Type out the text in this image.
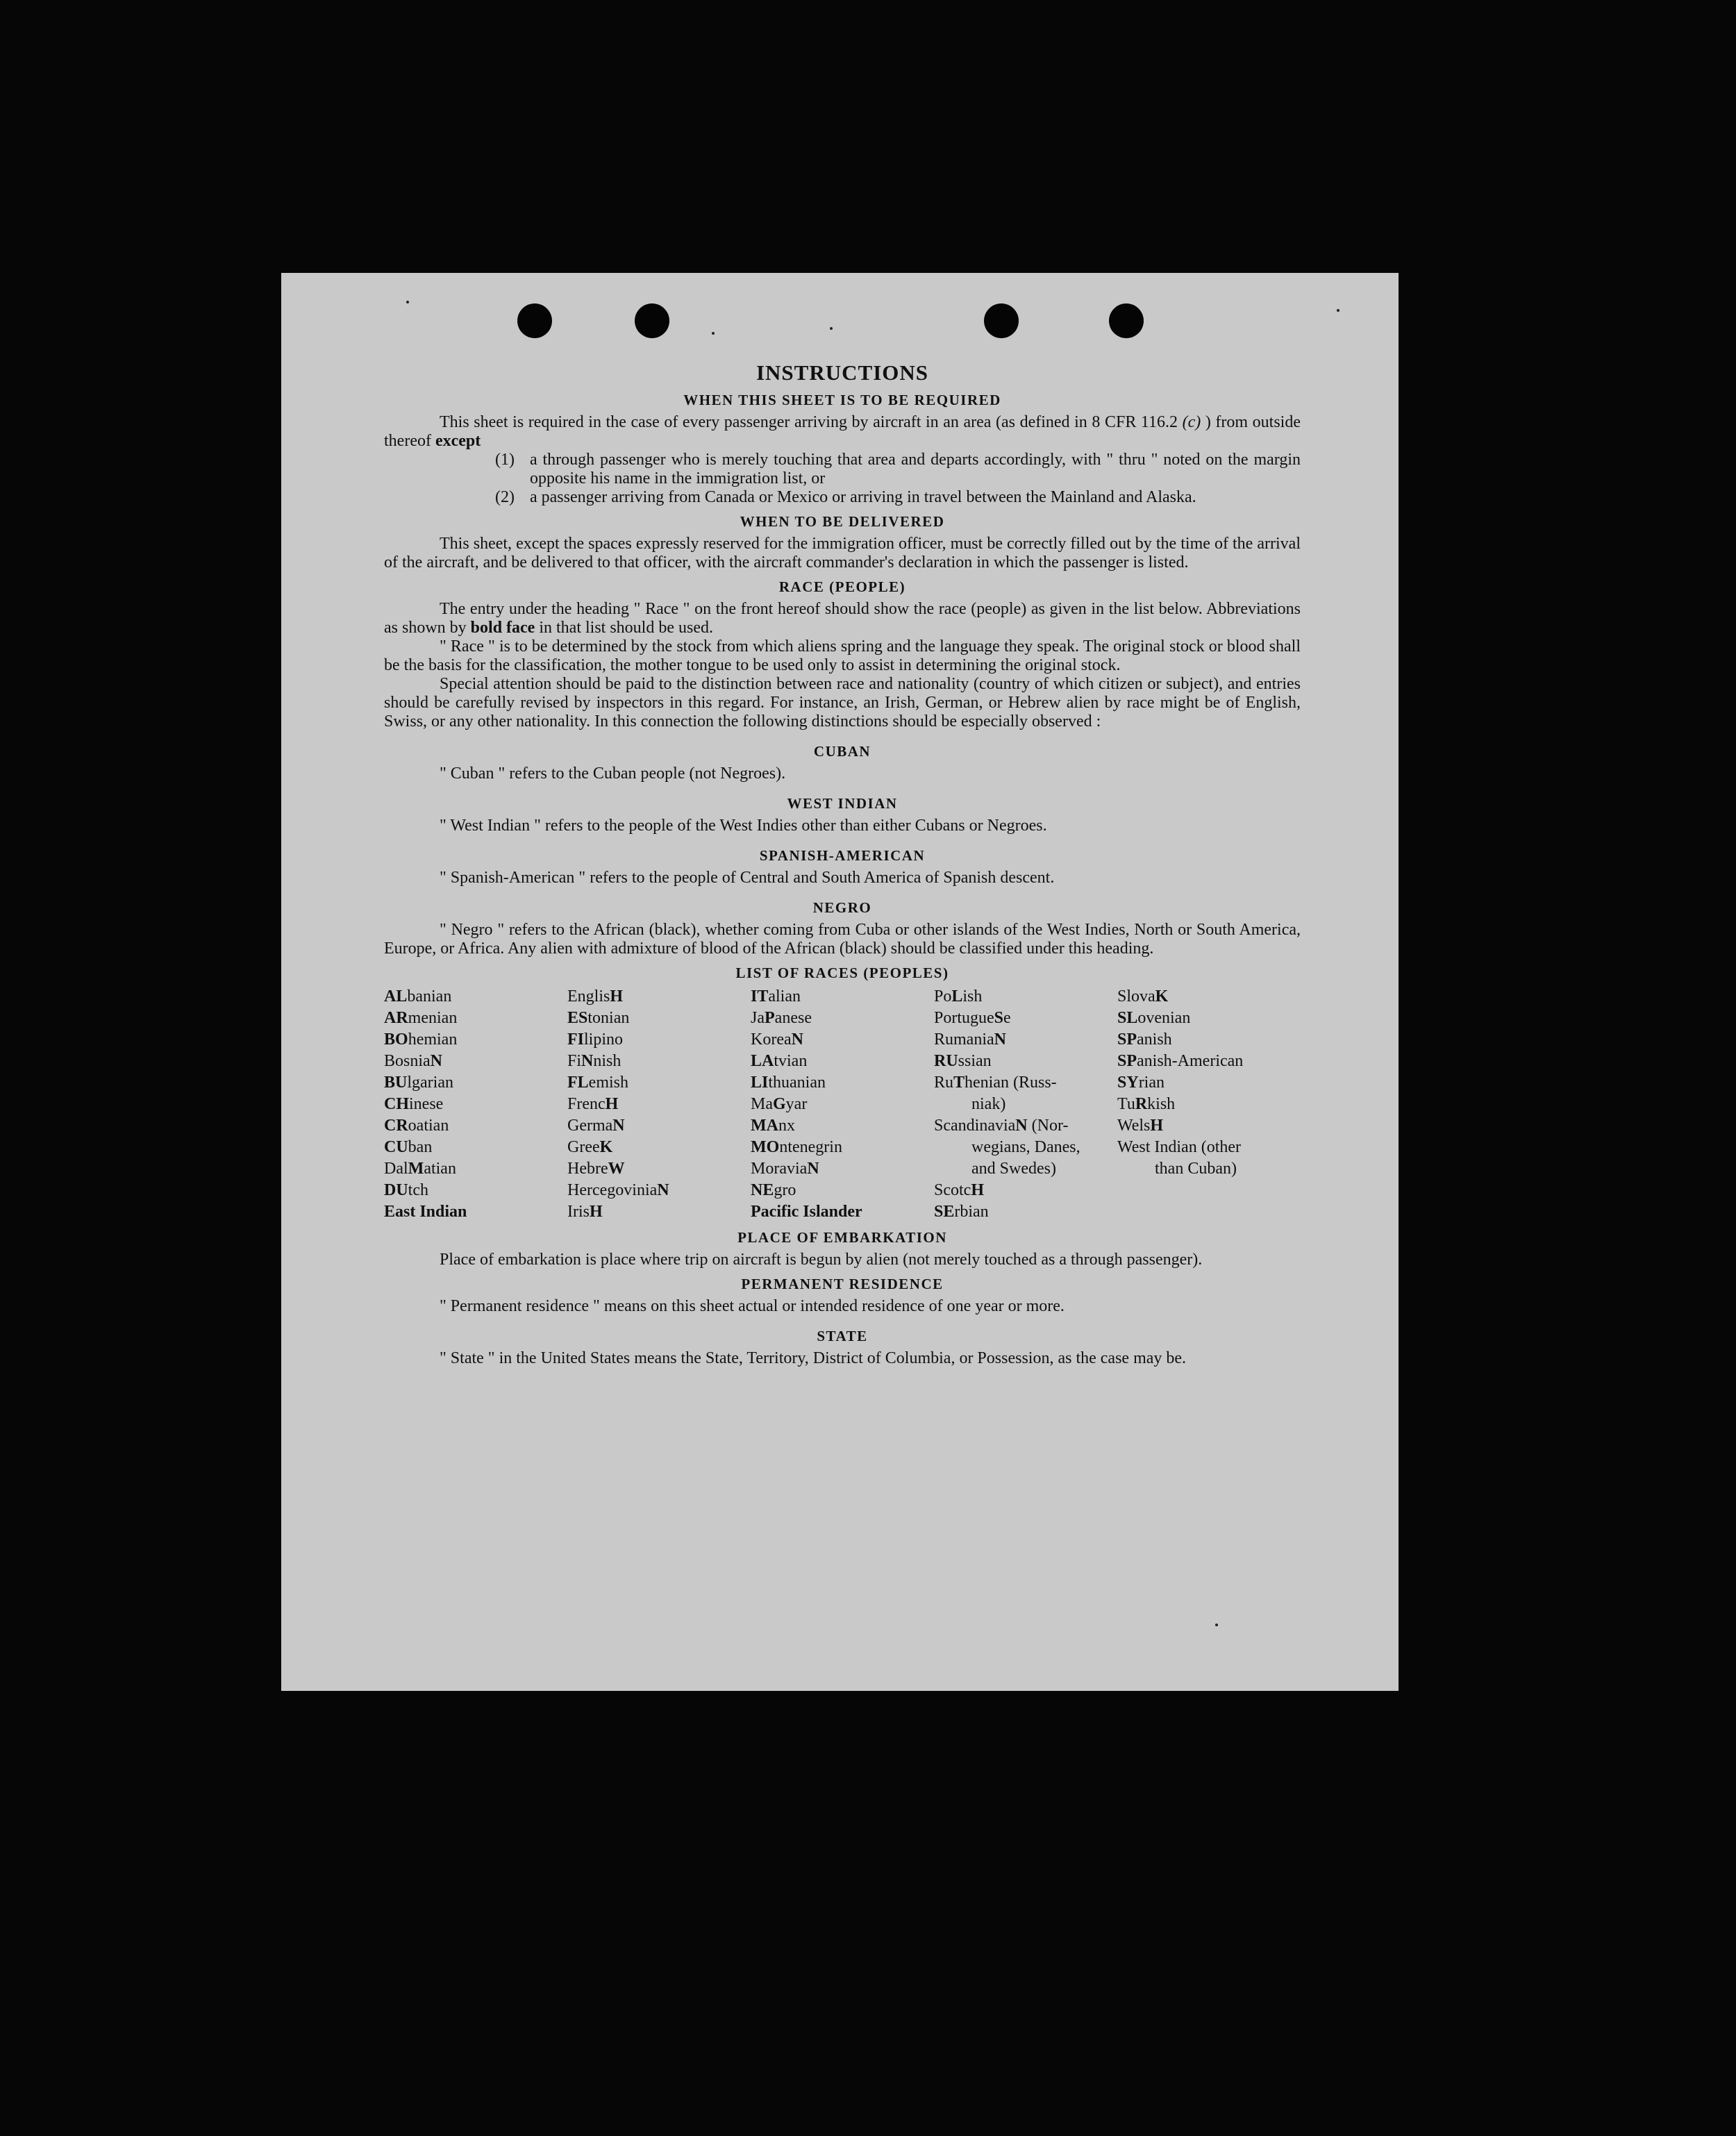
INSTRUCTIONS
WHEN THIS SHEET IS TO BE REQUIRED

This sheet is required in the case of every passenger arriving by aircraft in an area (as defined in 8 CFR 116.2 (c) ) from outside thereof except

(1) a through passenger who is merely touching that area and departs accordingly, with " thru " noted on the margin opposite his name in the immigration list, or
(2) a passenger arriving from Canada or Mexico or arriving in travel between the Mainland and Alaska.
WHEN TO BE DELIVERED

This sheet, except the spaces expressly reserved for the immigration officer, must be correctly filled out by the time of the arrival of the aircraft, and be delivered to that officer, with the aircraft commander's declaration in which the passenger is listed.

RACE (PEOPLE)

The entry under the heading " Race " on the front hereof should show the race (people) as given in the list below. Abbreviations as shown by bold face in that list should be used.

" Race " is to be determined by the stock from which aliens spring and the language they speak. The original stock or blood shall be the basis for the classification, the mother tongue to be used only to assist in determining the original stock.

Special attention should be paid to the distinction between race and nationality (country of which citizen or subject), and entries should be carefully revised by inspectors in this regard. For instance, an Irish, German, or Hebrew alien by race might be of English, Swiss, or any other nationality. In this connection the following distinctions should be especially observed :

CUBAN

" Cuban " refers to the Cuban people (not Negroes).

WEST INDIAN

" West Indian " refers to the people of the West Indies other than either Cubans or Negroes.

SPANISH-AMERICAN

" Spanish-American " refers to the people of Central and South America of Spanish descent.

NEGRO

" Negro " refers to the African (black), whether coming from Cuba or other islands of the West Indies, North or South America, Europe, or Africa. Any alien with admixture of blood of the African (black) should be classified under this heading.

LIST OF RACES (PEOPLES)
ALbanian
ARmenian
BOhemian
BosniaN
BUlgarian
CHinese
CRoatian
CUban
DalMatian
DUtch
East Indian
EnglisH
EStonian
FIlipino
FiNnish
FLemish
FrencH
GermaN
GreeK
HebreW
HercegoviniaN
IrisH
ITalian
JaPanese
KoreaN
LAtvian
LIthuanian
MaGyar
MAnx
MOntenegrin
MoraviaN
NEgro
Pacific Islander
PoLish
PortugueSe
RumaniaN
RUssian
RuThenian (Russ-
niak)
ScandinaviaN (Nor-
wegians, Danes,
and Swedes)
ScotcH
SErbian
SlovaK
SLovenian
SPanish
SPanish-American
SYrian
TuRkish
WelsH
West Indian (other
than Cuban)
PLACE OF EMBARKATION

Place of embarkation is place where trip on aircraft is begun by alien (not merely touched as a through passenger).

PERMANENT RESIDENCE

" Permanent residence " means on this sheet actual or intended residence of one year or more.

STATE

" State " in the United States means the State, Territory, District of Columbia, or Possession, as the case may be.
